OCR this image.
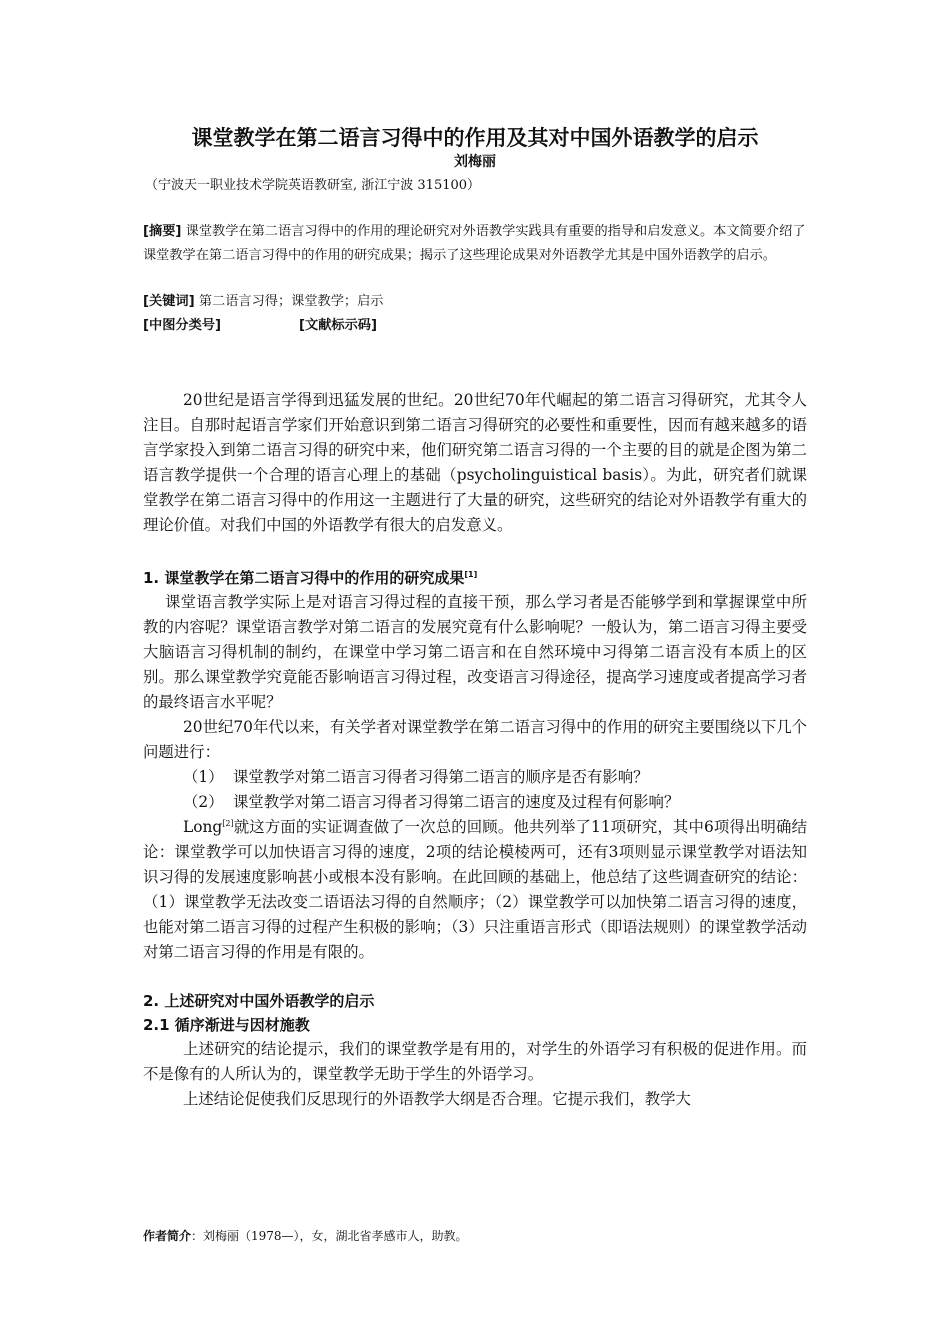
课堂教学在第二语言习得中的作用及其对中国外语教学的启示
刘梅丽
（宁波天一职业技术学院英语教研室, 浙江宁波 315100）
[摘要] 课堂教学在第二语言习得中的作用的理论研究对外语教学实践具有重要的指导和启发意义。本文简要介绍了课堂教学在第二语言习得中的作用的研究成果；揭示了这些理论成果对外语教学尤其是中国外语教学的启示。
[关键词] 第二语言习得；课堂教学；启示
[中图分类号]	[文献标示码]
20世纪是语言学得到迅猛发展的世纪。20世纪70年代崛起的第二语言习得研究，尤其令人注目。自那时起语言学家们开始意识到第二语言习得研究的必要性和重要性，因而有越来越多的语言学家投入到第二语言习得的研究中来，他们研究第二语言习得的一个主要的目的就是企图为第二语言教学提供一个合理的语言心理上的基础（psycholinguistical basis）。为此，研究者们就课堂教学在第二语言习得中的作用这一主题进行了大量的研究，这些研究的结论对外语教学有重大的理论价值。对我们中国的外语教学有很大的启发意义。
1. 课堂教学在第二语言习得中的作用的研究成果[1]
课堂语言教学实际上是对语言习得过程的直接干预，那么学习者是否能够学到和掌握课堂中所教的内容呢？课堂语言教学对第二语言的发展究竟有什么影响呢？一般认为，第二语言习得主要受大脑语言习得机制的制约，在课堂中学习第二语言和在自然环境中习得第二语言没有本质上的区别。那么课堂教学究竟能否影响语言习得过程，改变语言习得途径，提高学习速度或者提高学习者的最终语言水平呢？
20世纪70年代以来，有关学者对课堂教学在第二语言习得中的作用的研究主要围绕以下几个问题进行：
（1） 课堂教学对第二语言习得者习得第二语言的顺序是否有影响？
（2） 课堂教学对第二语言习得者习得第二语言的速度及过程有何影响？
Long[2]就这方面的实证调查做了一次总的回顾。他共列举了11项研究，其中6项得出明确结论：课堂教学可以加快语言习得的速度，2项的结论模棱两可，还有3项则显示课堂教学对语法知识习得的发展速度影响甚小或根本没有影响。在此回顾的基础上，他总结了这些调查研究的结论：（1）课堂教学无法改变二语语法习得的自然顺序；（2）课堂教学可以加快第二语言习得的速度，也能对第二语言习得的过程产生积极的影响；（3）只注重语言形式（即语法规则）的课堂教学活动对第二语言习得的作用是有限的。
2. 上述研究对中国外语教学的启示
2.1 循序渐进与因材施教
上述研究的结论提示，我们的课堂教学是有用的，对学生的外语学习有积极的促进作用。而不是像有的人所认为的，课堂教学无助于学生的外语学习。
上述结论促使我们反思现行的外语教学大纲是否合理。它提示我们，教学大
作者简介：刘梅丽（1978—），女，湖北省孝感市人，助教。
